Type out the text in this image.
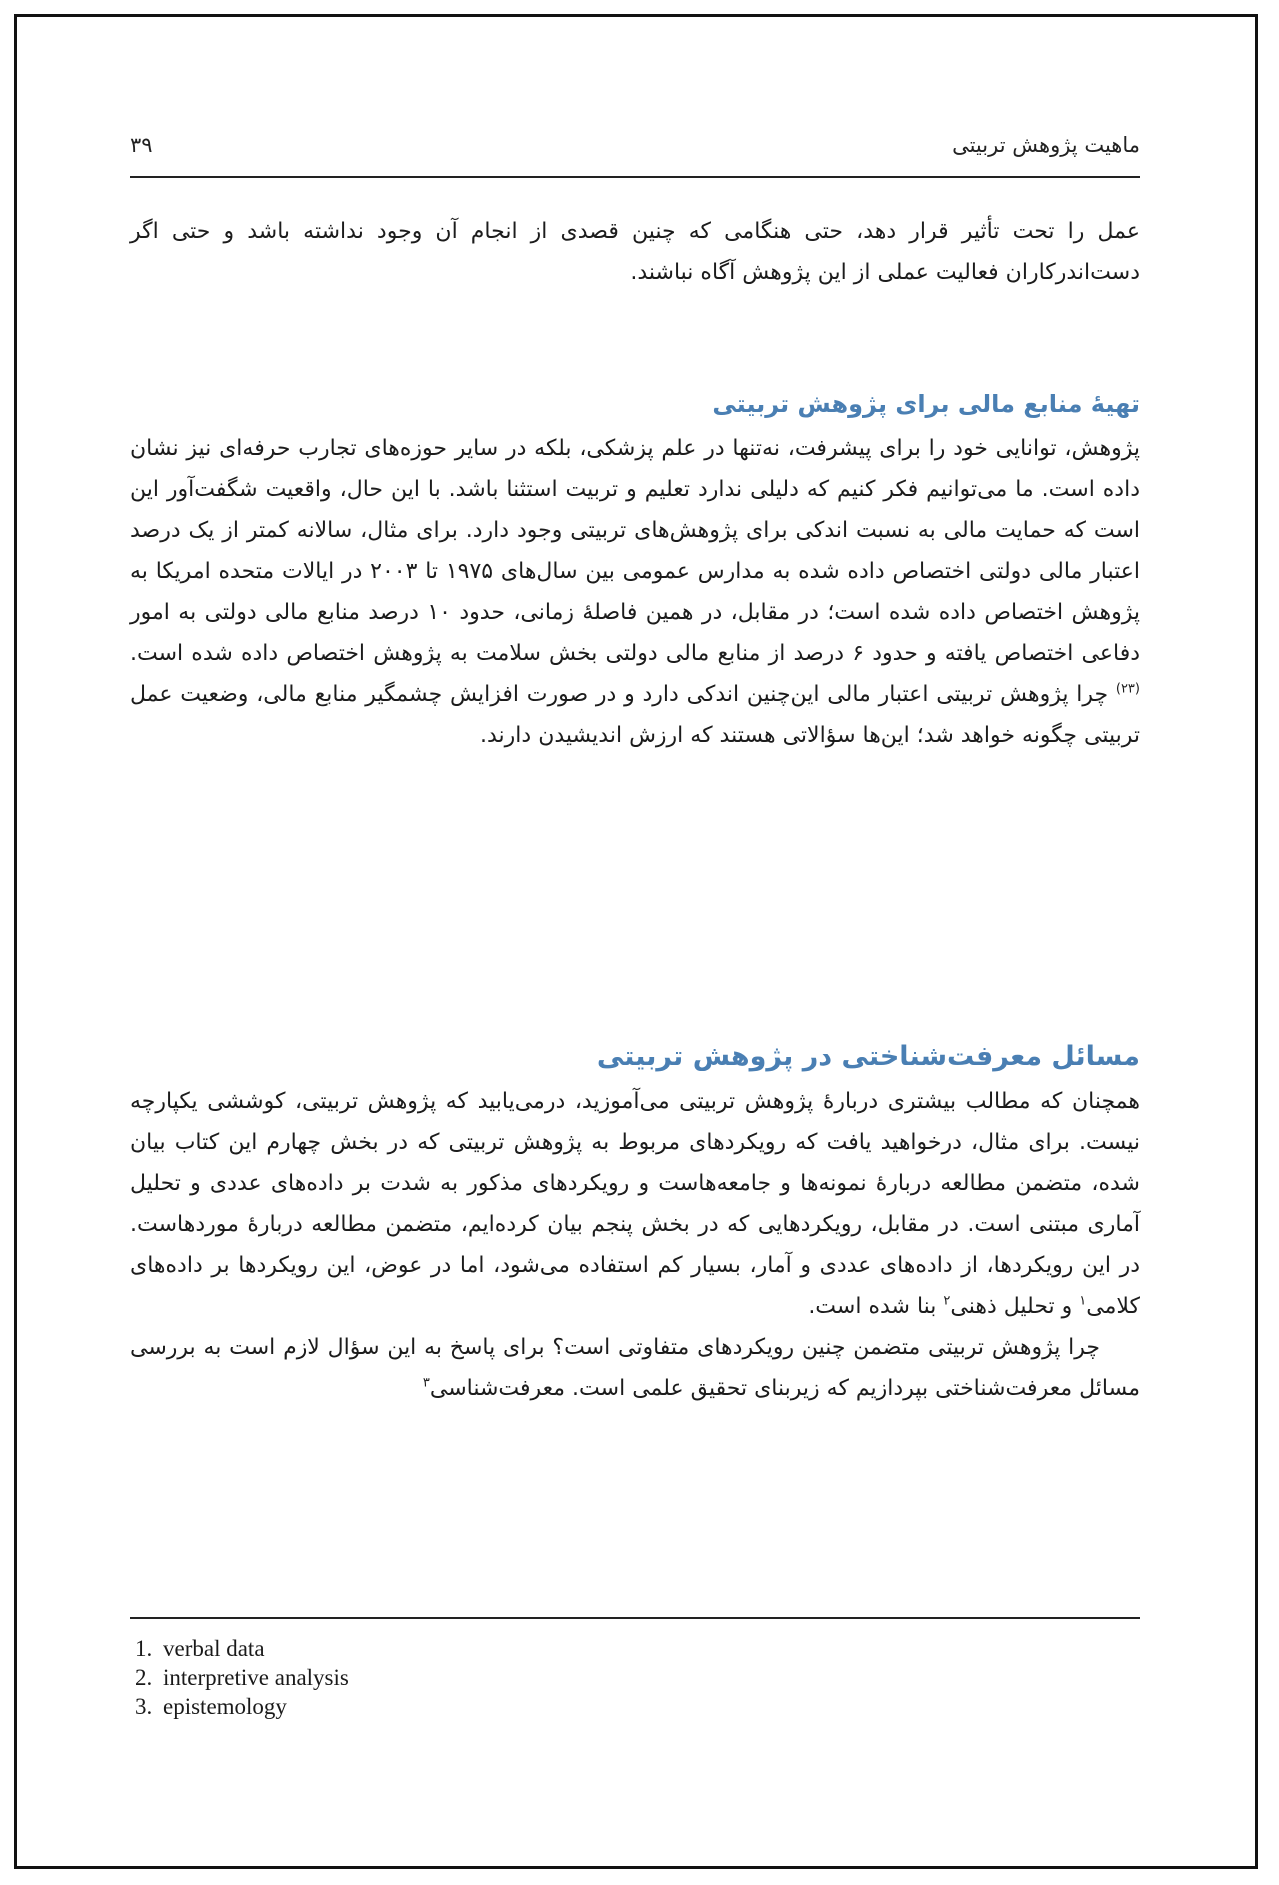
ماهیت پژوهش تربیتی
۳۹

عمل را تحت تأثیر قرار دهد، حتی هنگامی که چنین قصدی از انجام آن وجود نداشته باشد و حتی اگر دست‌اندرکاران فعالیت عملی از این پژوهش آگاه نباشند.

تهیهٔ منابع مالی برای پژوهش تربیتی

پژوهش، توانایی خود را برای پیشرفت، نه‌تنها در علم پزشکی، بلکه در سایر حوزه‌های تجارب حرفه‌ای نیز نشان داده است. ما می‌توانیم فکر کنیم که دلیلی ندارد تعلیم و تربیت استثنا باشد. با این حال، واقعیت شگفت‌آور این است که حمایت مالی به نسبت اندکی برای پژوهش‌های تربیتی وجود دارد. برای مثال، سالانه کمتر از یک درصد اعتبار مالی دولتی اختصاص داده شده به مدارس عمومی بین سال‌های ۱۹۷۵ تا ۲۰۰۳ در ایالات متحده امریکا به پژوهش اختصاص داده شده است؛ در مقابل، در همین فاصلهٔ زمانی، حدود ۱۰ درصد منابع مالی دولتی به امور دفاعی اختصاص یافته و حدود ۶ درصد از منابع مالی دولتی بخش سلامت به پژوهش اختصاص داده شده است. $^{(۲۳)}$ چرا پژوهش تربیتی اعتبار مالی این‌چنین اندکی دارد و در صورت افزایش چشمگیر منابع مالی، وضعیت عمل تربیتی چگونه خواهد شد؛ این‌ها سؤالاتی هستند که ارزش اندیشیدن دارند.

مسائل معرفت‌شناختی در پژوهش تربیتی

همچنان که مطالب بیشتری دربارهٔ پژوهش تربیتی می‌آموزید، درمی‌یابید که پژوهش تربیتی، کوششی یکپارچه نیست. برای مثال، درخواهید یافت که رویکردهای مربوط به پژوهش تربیتی که در بخش چهارم این کتاب بیان شده، متضمن مطالعه دربارهٔ نمونه‌ها و جامعه‌هاست و رویکردهای مذکور به شدت بر داده‌های عددی و تحلیل آماری مبتنی است. در مقابل، رویکردهایی که در بخش پنجم بیان کرده‌ایم، متضمن مطالعه دربارهٔ موردهاست. در این رویکردها، از داده‌های عددی و آمار، بسیار کم استفاده می‌شود، اما در عوض، این رویکردها بر داده‌های کلامی$^۱$ و تحلیل ذهنی$^۲$ بنا شده است.

چرا پژوهش تربیتی متضمن چنین رویکردهای متفاوتی است؟ برای پاسخ به این سؤال لازم است به بررسی مسائل معرفت‌شناختی بپردازیم که زیربنای تحقیق علمی است. معرفت‌شناسی$^۳$

1. verbal data
2. interpretive analysis
3. epistemology
